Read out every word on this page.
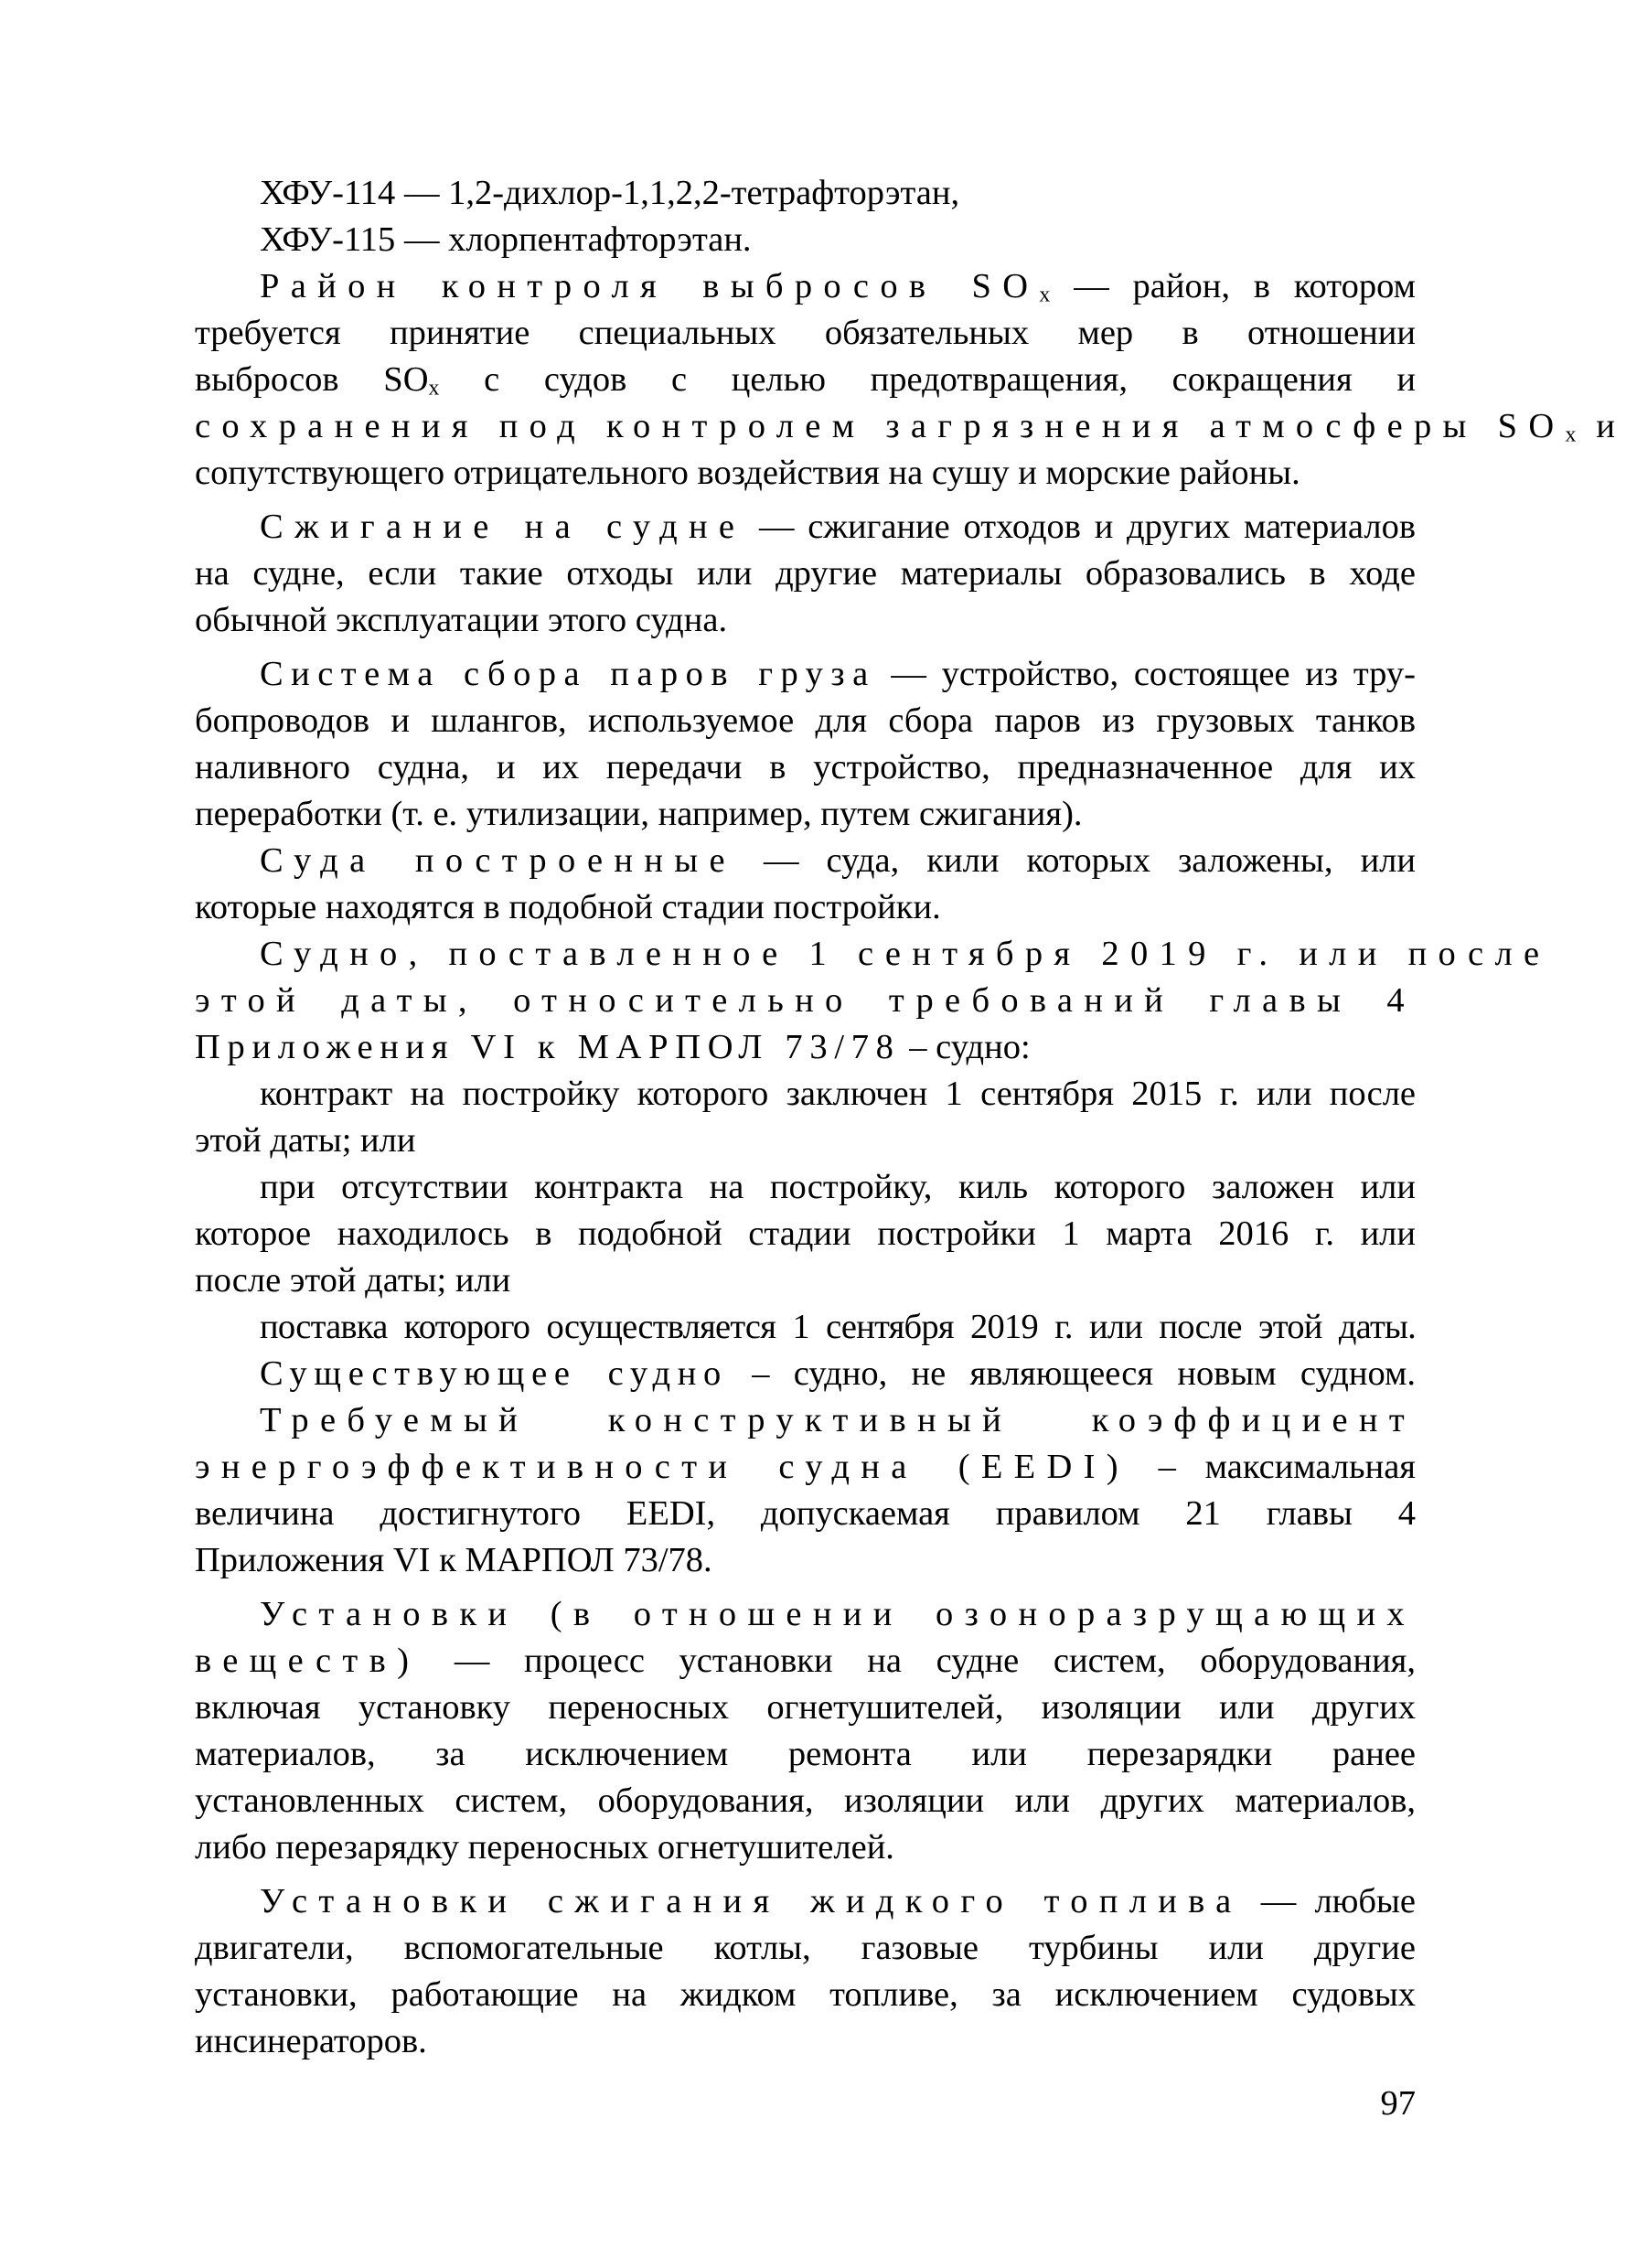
ХФУ-114 — 1,2-дихлор-1,1,2,2-тетрафторэтан,
ХФУ-115 — хлорпентафторэтан.
Район контроля выбросов SOx — район, в котором
требуется принятие специальных обязательных мер в отношении
выбросов SOx с судов с целью предотвращения, сокращения и
сохранения под контролем загрязнения атмосферы SOx и
сопутствующего отрицательного воздействия на сушу и морские районы.
Сжигание на судне — сжигание отходов и других материалов
на судне, если такие отходы или другие материалы образовались в ходе
обычной эксплуатации этого судна.
Система сбора паров груза — устройство, состоящее из тру-
бопроводов и шлангов, используемое для сбора паров из грузовых танков
наливного судна, и их передачи в устройство, предназначенное для их
переработки (т. е. утилизации, например, путем сжигания).
Суда построенные — суда, кили которых заложены, или
которые находятся в подобной стадии постройки.
Судно, поставленное 1 сентября 2019 г. или после
этой даты, относительно требований главы 4
Приложения VI к МАРПОЛ 73/78 – судно:
контракт на постройку которого заключен 1 сентября 2015 г. или после
этой даты; или
при отсутствии контракта на постройку, киль которого заложен или
которое находилось в подобной стадии постройки 1 марта 2016 г. или
после этой даты; или
поставка которого осуществляется 1 сентября 2019 г. или после этой даты.
Существующее судно – судно, не являющееся новым судном.
Требуемый конструктивный коэффициент
энергоэффективности судна (EEDI) – максимальная
величина достигнутого EEDI, допускаемая правилом 21 главы 4
Приложения VI к МАРПОЛ 73/78.
Установки (в отношении озоноразрущающих
веществ) — процесс установки на судне систем, оборудования,
включая установку переносных огнетушителей, изоляции или других
материалов, за исключением ремонта или перезарядки ранее
установленных систем, оборудования, изоляции или других материалов,
либо перезарядку переносных огнетушителей.
Установки сжигания жидкого топлива — любые
двигатели, вспомогательные котлы, газовые турбины или другие
установки, работающие на жидком топливе, за исключением судовых
инсинераторов.
97
